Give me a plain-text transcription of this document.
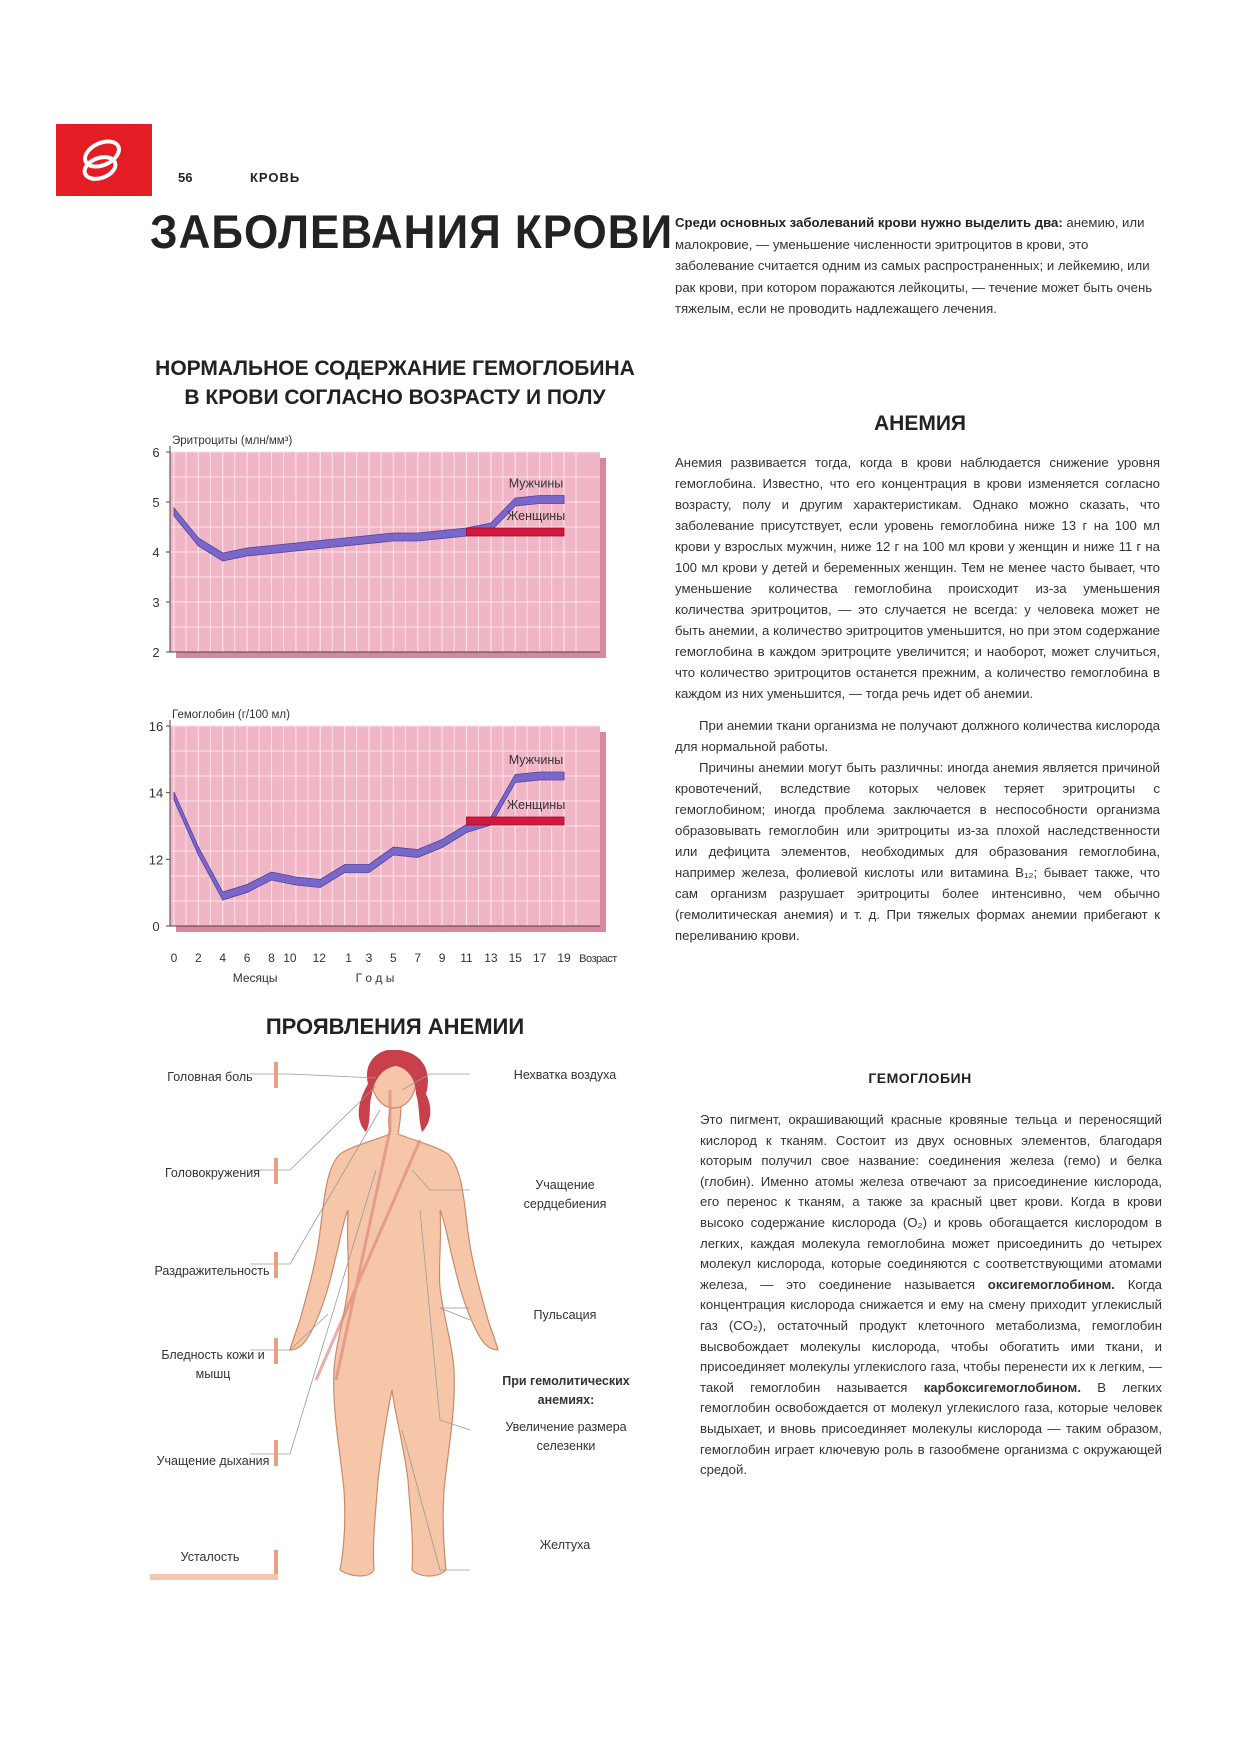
56	КРОВЬ
ЗАБОЛЕВАНИЯ КРОВИ Среди основных заболеваний крови нужно выделить два: анемию, или малокровие, — уменьшение численности эритроцитов в крови, это заболевание считается одним из самых распространенных; и лейкемию, или рак крови, при котором поражаются лейкоциты, — течение может быть очень тяжелым, если не проводить надлежащего лечения.
НОРМАЛЬНОЕ СОДЕРЖАНИЕ ГЕМОГЛОБИНА
В КРОВИ СОГЛАСНО ВОЗРАСТУ И ПОЛУ
Эритроциты (млн/мм³)
6
5
4
3
2
Мужчины
Женщины
Гемоглобин (г/100 мл)
16
14
12
0
Мужчины
Женщины
0 2 4 6 8 10 12 1 3 5 7 9 11 13 15 17 19 Возраст
Месяцы	Г о д ы
АНЕМИЯ

Анемия развивается тогда, когда в крови наблюдается снижение уровня гемоглобина. Известно, что его концентрация в крови изменяется согласно возрасту, полу и другим характеристикам. Однако можно сказать, что заболевание присутствует, если уровень гемоглобина ниже 13 г на 100 мл крови у взрослых мужчин, ниже 12 г на 100 мл крови у женщин и ниже 11 г на 100 мл крови у детей и беременных женщин. Тем не менее часто бывает, что уменьшение количества гемоглобина происходит из-за уменьшения количества эритроцитов, — это случается не всегда: у человека может не быть анемии, а количество эритроцитов уменьшится, но при этом содержание гемоглобина в каждом эритроците увеличится; и наоборот, может случиться, что количество эритроцитов останется прежним, а количество гемоглобина в каждом из них уменьшится, — тогда речь идет об анемии.

При анемии ткани организма не получают должного количества кислорода для нормальной работы.

Причины анемии могут быть различны: иногда анемия является причиной кровотечений, вследствие которых человек теряет эритроциты с гемоглобином; иногда проблема заключается в неспособности организма образовывать гемоглобин или эритроциты из-за плохой наследственности или дефицита элементов, необходимых для образования гемоглобина, например железа, фолиевой кислоты или витамина B₁₂; бывает также, что сам организм разрушает эритроциты более интенсивно, чем обычно (гемолитическая анемия) и т. д. При тяжелых формах анемии прибегают к переливанию крови.

ПРОЯВЛЕНИЯ АНЕМИИ
Головная боль
Головокружения
Раздражительность
Бледность кожи и мышц
Учащение дыхания
Усталость
Нехватка воздуха
Учащение сердцебиения
Пульсация
При гемолитических анемиях:
Увеличение размера селезенки
Желтуха
ГЕМОГЛОБИН
Это пигмент, окрашивающий красные кровяные тельца и переносящий кислород к тканям. Состоит из двух основных элементов, благодаря которым получил свое название: соединения железа (гемо) и белка (глобин). Именно атомы железа отвечают за присоединение кислорода, его перенос к тканям, а также за красный цвет крови. Когда в крови высоко содержание кислорода (O₂) и кровь обогащается кислородом в легких, каждая молекула гемоглобина может присоединить до четырех молекул кислорода, которые соединяются с соответствующими атомами железа, — это соединение называется оксигемоглобином. Когда концентрация кислорода снижается и ему на смену приходит углекислый газ (CO₂), остаточный продукт клеточного метаболизма, гемоглобин высвобождает молекулы кислорода, чтобы обогатить ими ткани, и присоединяет молекулы углекислого газа, чтобы перенести их к легким, — такой гемоглобин называется карбоксигемоглобином. В легких гемоглобин освобождается от молекул углекислого газа, которые человек выдыхает, и вновь присоединяет молекулы кислорода — таким образом, гемоглобин играет ключевую роль в газообмене организма с окружающей средой.
